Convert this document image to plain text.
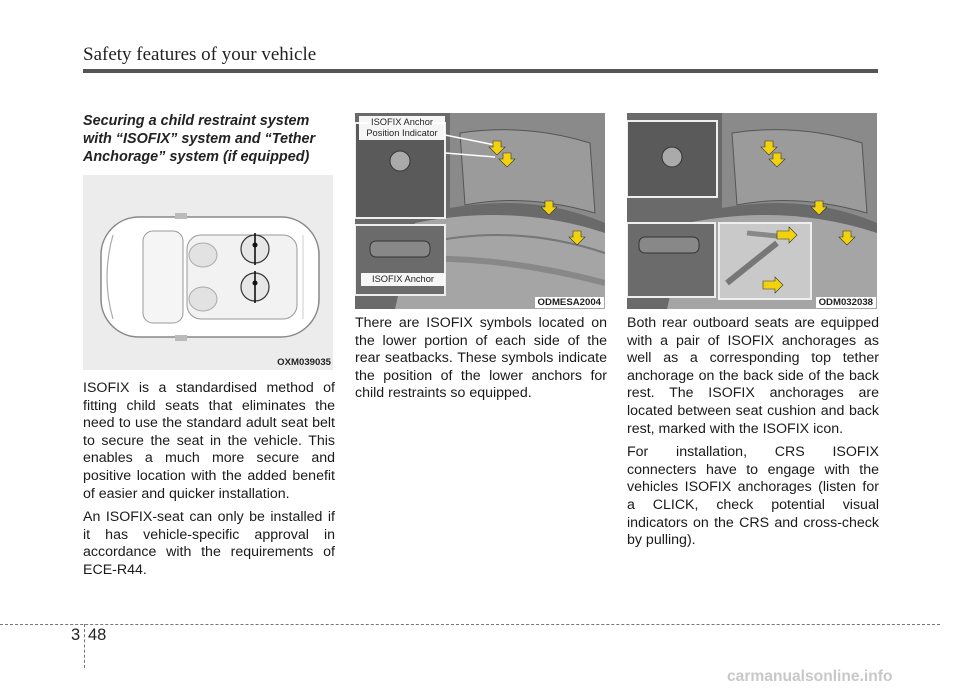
Safety features of your vehicle
Securing a child restraint system with “ISOFIX” system and “Tether Anchorage” system (if equipped)
OXM039035
ISOFIX Anchor Position Indicator
ISOFIX Anchor
ODMESA2004	ODM032038

ISOFIX is a standardised method of fitting child seats that eliminates the need to use the standard adult seat belt to secure the seat in the vehicle. This enables a much more secure and positive location with the added benefit of easier and quicker installation.

An ISOFIX-seat can only be installed if it has vehicle-specific approval in accordance with the requirements of ECE-R44.

There are ISOFIX symbols located on the lower portion of each side of the rear seatbacks. These symbols indicate the position of the lower anchors for child restraints so equipped.

Both rear outboard seats are equipped with a pair of ISOFIX anchorages as well as a corresponding top tether anchorage on the back side of the back rest. The ISOFIX anchorages are located between seat cushion and back rest, marked with the ISOFIX icon.

For installation, CRS ISOFIX connecters have to engage with the vehicles ISOFIX anchorages (listen for a CLICK, check potential visual indicators on the CRS and cross-check by pulling).

3 48
carmanualsonline.info
